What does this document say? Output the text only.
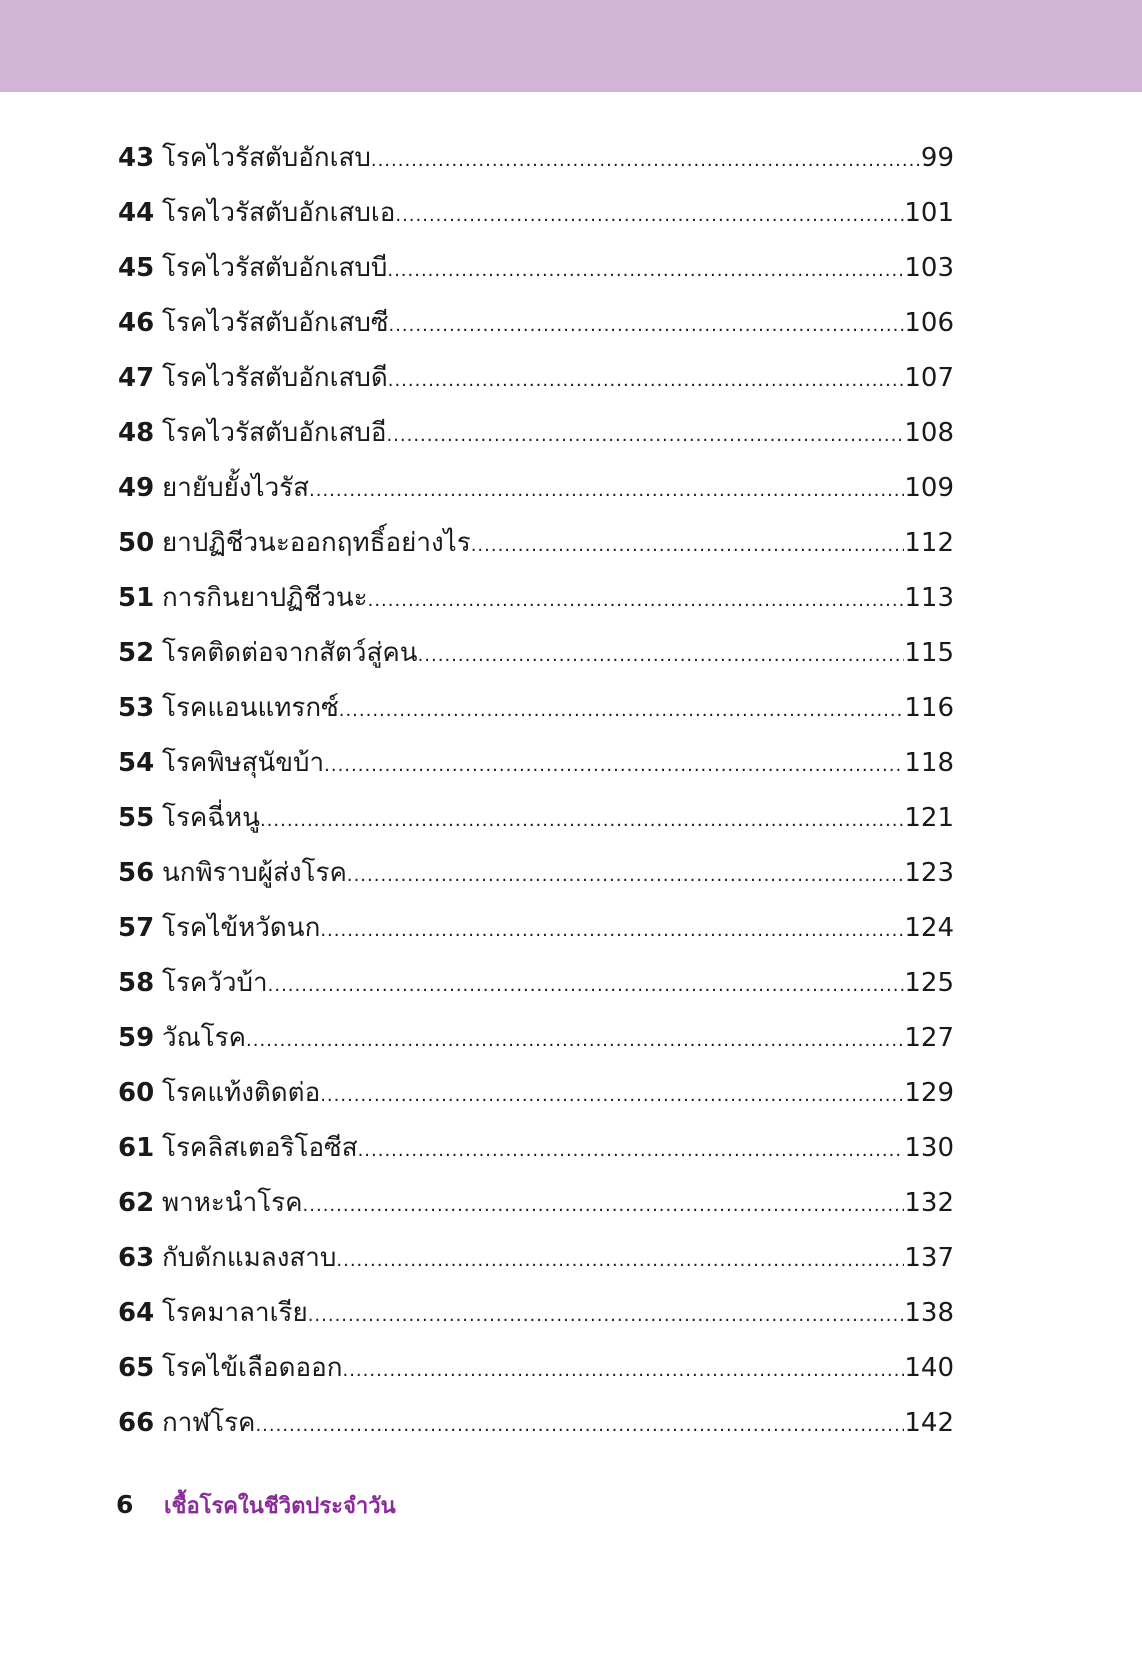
43 โรคไวรัสตับอักเสบ .....	99
44 โรคไวรัสตับอักเสบเอ .....	101
45 โรคไวรัสตับอักเสบบี .....	103
46 โรคไวรัสตับอักเสบซี .....	106
47 โรคไวรัสตับอักเสบดี .....	107
48 โรคไวรัสตับอักเสบอี .....	108
49 ยายับยั้งไวรัส .....	109
50 ยาปฏิชีวนะออกฤทธิ์อย่างไร .....	112
51 การกินยาปฏิชีวนะ .....	113
52 โรคติดต่อจากสัตว์สู่คน .....	115
53 โรคแอนแทรกซ์ .....	116
54 โรคพิษสุนัขบ้า .....	118
55 โรคฉี่หนู .....	121
56 นกพิราบผู้ส่งโรค .....	123
57 โรคไข้หวัดนก .....	124
58 โรควัวบ้า .....	125
59 วัณโรค .....	127
60 โรคแท้งติดต่อ .....	129
61 โรคลิสเตอริโอซีส .....	130
62 พาหะนำโรค .....	132
63 กับดักแมลงสาบ .....	137
64 โรคมาลาเรีย .....	138
65 โรคไข้เลือดออก .....	140
66 กาฬโรค .....	142
6	เชื้อโรคในชีวิตประจำวัน
